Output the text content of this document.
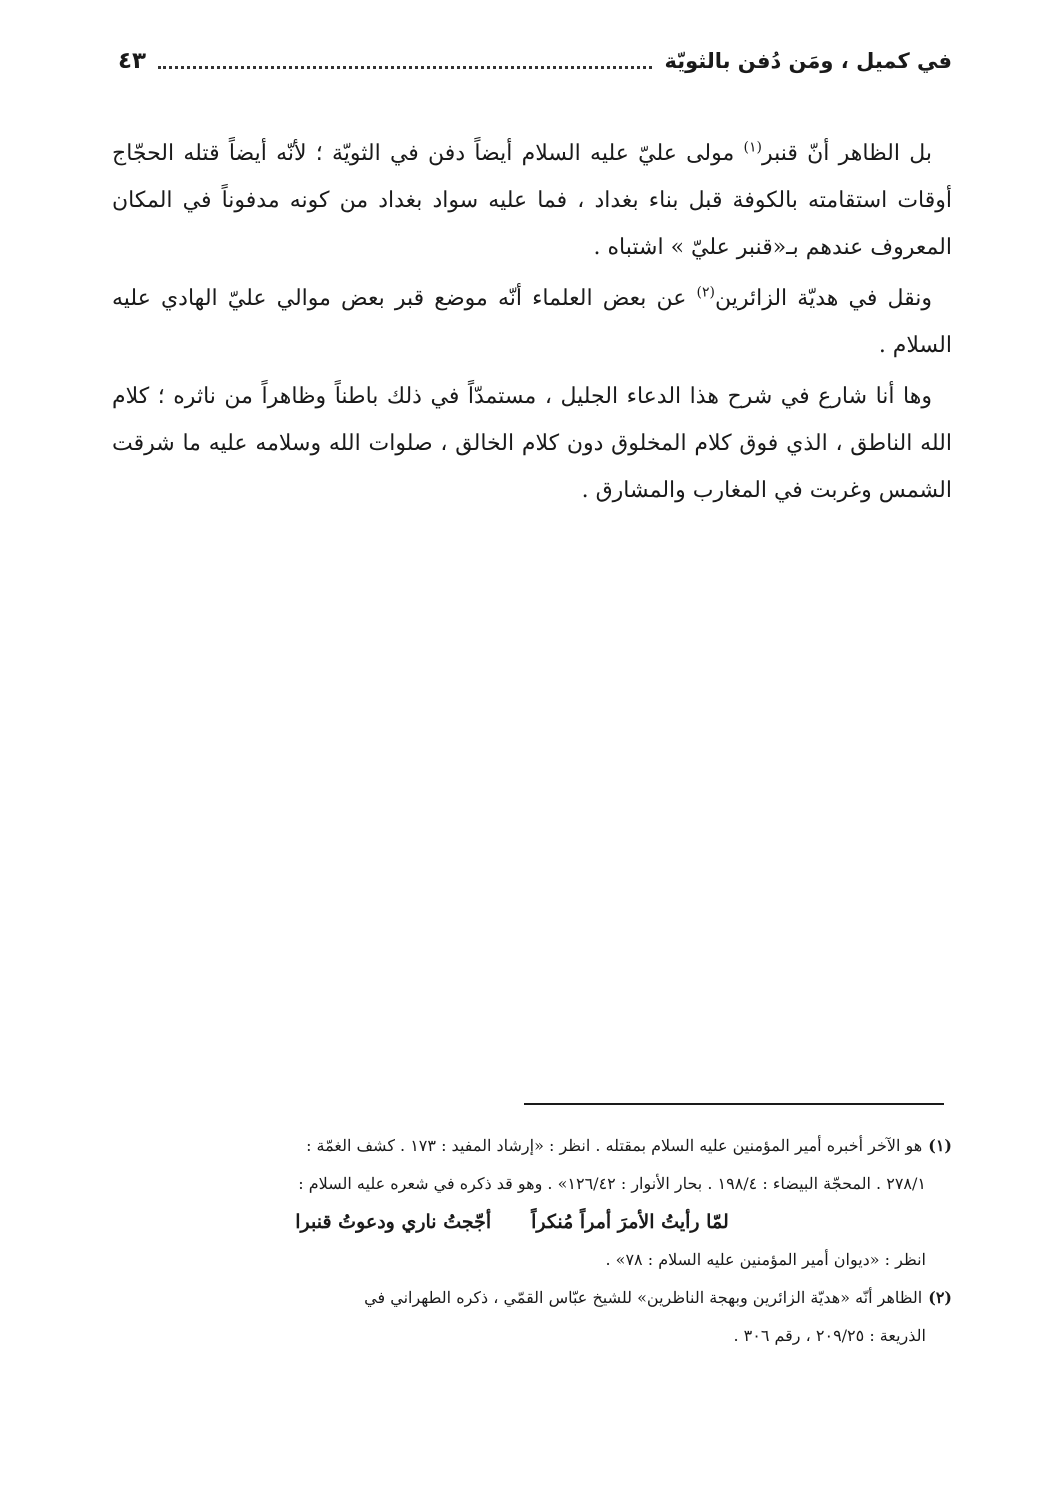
في كميل ، ومَن دُفن بالثويّة
٤٣

بل الظاهر أنّ قنبر$^{(١)}$ مولى عليّ عليه السلام أيضاً دفن في الثويّة ؛ لأنّه أيضاً قتله الحجّاج أوقات استقامته بالكوفة قبل بناء بغداد ، فما عليه سواد بغداد من كونه مدفوناً في المكان المعروف عندهم بـ«قنبر عليّ » اشتباه .

ونقل في هديّة الزائرين$^{(٢)}$ عن بعض العلماء أنّه موضع قبر بعض موالي عليّ الهادي عليه السلام .

وها أنا شارع في شرح هذا الدعاء الجليل ، مستمدّاً في ذلك باطناً وظاهراً من ناثره ؛ كلام الله الناطق ، الذي فوق كلام المخلوق دون كلام الخالق ، صلوات الله وسلامه عليه ما شرقت الشمس وغربت في المغارب والمشارق .

(١)هو الآخر أخبره أمير المؤمنين عليه السلام بمقتله . انظر : «إرشاد المفيد : ١٧٣ . كشف الغمّة :
٢٧٨/١ . المحجّة البيضاء : ١٩٨/٤ . بحار الأنوار : ١٢٦/٤٢» . وهو قد ذكره في شعره عليه السلام :
لمّا رأيتُ الأمرَ أمراً مُنكراً
أجّجتُ ناري ودعوتُ قنبرا
انظر : «ديوان أمير المؤمنين عليه السلام : ٧٨» .
(٢)الظاهر أنّه «هديّة الزائرين وبهجة الناظرين» للشيخ عبّاس القمّي ، ذكره الطهراني في
الذريعة : ٢٠٩/٢٥ ، رقم ٣٠٦ .
